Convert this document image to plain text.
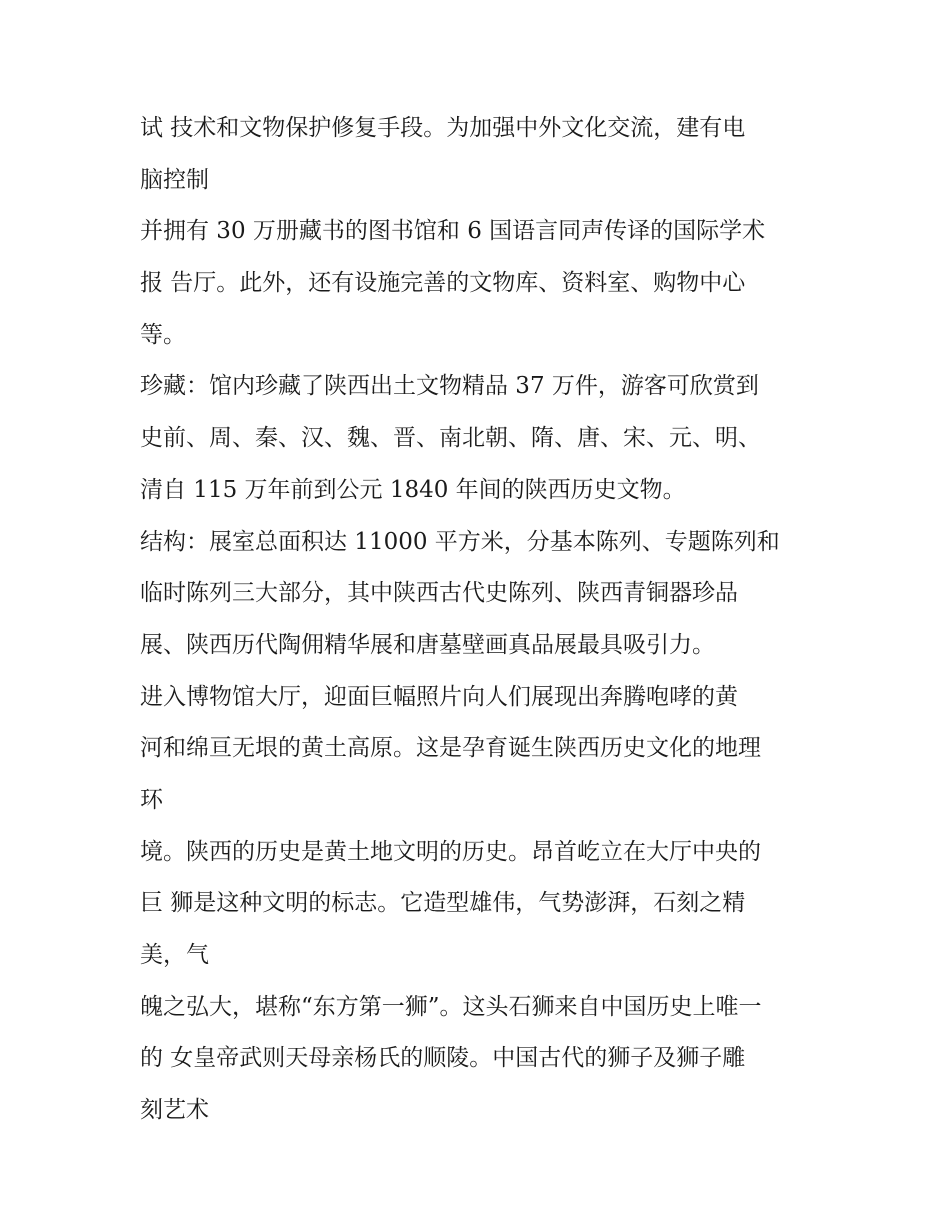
试 技术和文物保护修复手段。为加强中外文化交流，建有电
脑控制
并拥有 30 万册藏书的图书馆和 6 国语言同声传译的国际学术
报 告厅。此外，还有设施完善的文物库、资料室、购物中心
等。
珍藏：馆内珍藏了陕西出土文物精品 37 万件，游客可欣赏到
史前、周、秦、汉、魏、晋、南北朝、隋、唐、宋、元、明、
清自 115 万年前到公元 1840 年间的陕西历史文物。
结构：展室总面积达 11000 平方米，分基本陈列、专题陈列和
临时陈列三大部分，其中陕西古代史陈列、陕西青铜器珍品
展、陕西历代陶佣精华展和唐墓壁画真品展最具吸引力。
进入博物馆大厅，迎面巨幅照片向人们展现出奔腾咆哮的黄
河和绵亘无垠的黄土高原。这是孕育诞生陕西历史文化的地理
环
境。陕西的历史是黄土地文明的历史。昂首屹立在大厅中央的
巨 狮是这种文明的标志。它造型雄伟，气势澎湃，石刻之精
美，气
魄之弘大，堪称“东方第一狮”。这头石狮来自中国历史上唯一
的 女皇帝武则天母亲杨氏的顺陵。中国古代的狮子及狮子雕
刻艺术
